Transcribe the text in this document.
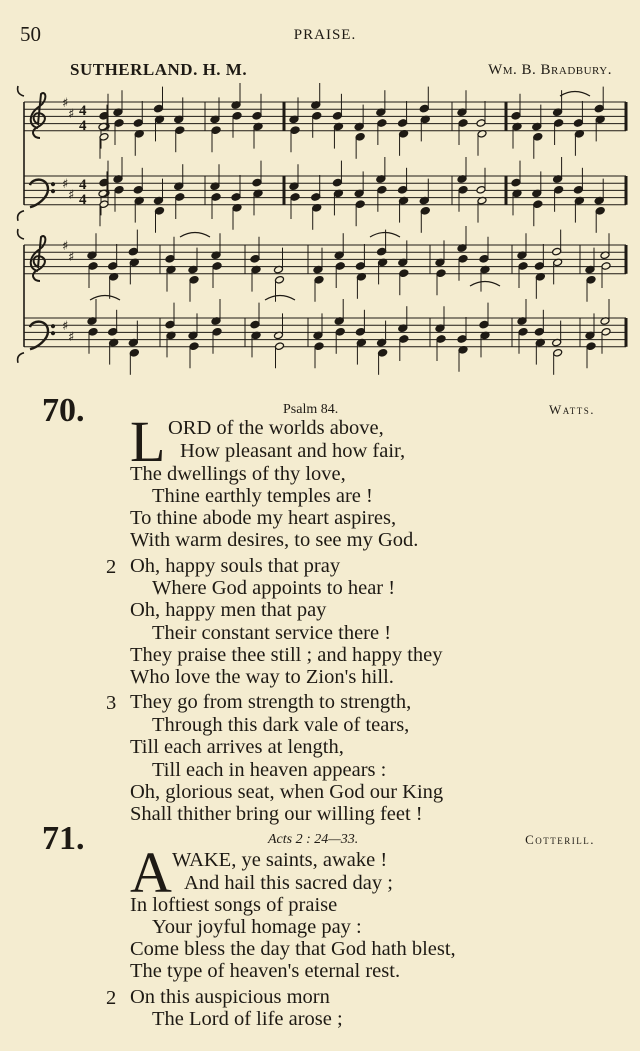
50	PRAISE.
SUTHERLAND. H. M.	Wm. B. Bradbury.
♯
♯ 4
4
♯
♯
4
4
♯
♯
♯
♯
70.	Psalm 84.	Watts.
L ORD of the worlds above,
How pleasant and how fair,
The dwellings of thy love,
Thine earthly temples are !
To thine abode my heart aspires,
With warm desires, to see my God.
2 Oh, happy souls that pray
Where God appoints to hear !
Oh, happy men that pay
Their constant service there !
They praise thee still ; and happy they
Who love the way to Zion's hill.
3 They go from strength to strength,
Through this dark vale of tears,
Till each arrives at length,
Till each in heaven appears :
Oh, glorious seat, when God our King
Shall thither bring our willing feet !
71.	Acts 2 : 24—33.	Cotterill.
A WAKE, ye saints, awake !
And hail this sacred day ;
In loftiest songs of praise
Your joyful homage pay :
Come bless the day that God hath blest,
The type of heaven's eternal rest.
2 On this auspicious morn
The Lord of life arose ;
